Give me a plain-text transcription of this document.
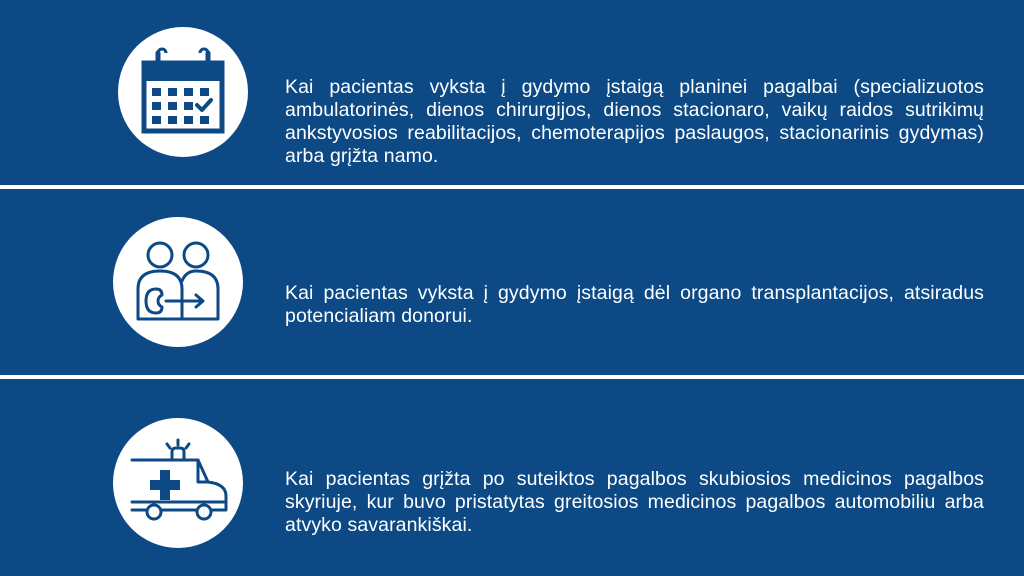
Kai pacientas vyksta į gydymo įstaigą planinei pagalbai (specializuotos ambulatorinės, dienos chirurgijos, dienos stacionaro, vaikų raidos sutrikimų ankstyvosios reabilitacijos, chemoterapijos paslaugos, stacionarinis gydymas) arba grįžta namo.

Kai pacientas vyksta į gydymo įstaigą dėl organo transplantacijos, atsiradus potencialiam donorui.

Kai pacientas grįžta po suteiktos pagalbos skubiosios medicinos pagalbos skyriuje, kur buvo pristatytas greitosios medicinos pagalbos automobiliu arba atvyko savarankiškai.
